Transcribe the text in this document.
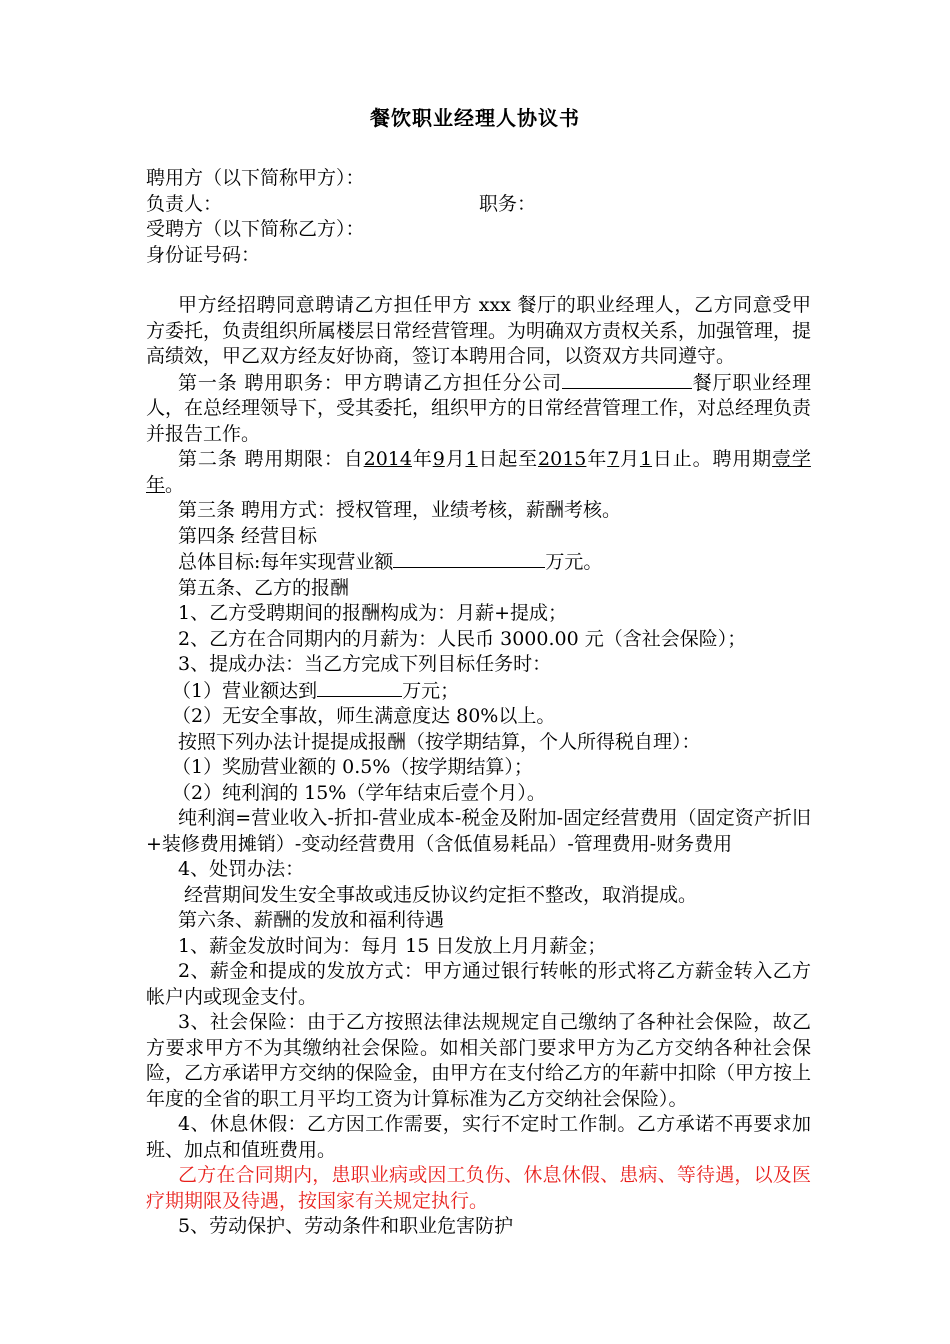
餐饮职业经理人协议书

聘用方（以下简称甲方）：

负责人：	职务：

受聘方（以下简称乙方）：

身份证号码：

甲方经招聘同意聘请乙方担任甲方 xxx 餐厅的职业经理人，乙方同意受甲方委托，负责组织所属楼层日常经营管理。为明确双方责权关系，加强管理，提高绩效，甲乙双方经友好协商，签订本聘用合同，以资双方共同遵守。

第一条 聘用职务：甲方聘请乙方担任分公司	餐厅职业经理人，在总经理领导下，受其委托，组织甲方的日常经营管理工作，对总经理负责并报告工作。

第二条 聘用期限：自2014年9月1日起至2015年7月1日止。聘用期壹学年。

第三条 聘用方式：授权管理，业绩考核，薪酬考核。

第四条 经营目标

总体目标:每年实现营业额	万元。

第五条、乙方的报酬

1、乙方受聘期间的报酬构成为：月薪+提成；

2、乙方在合同期内的月薪为：人民币 3000.00 元（含社会保险）；

3、提成办法：当乙方完成下列目标任务时：

（1）营业额达到	万元；

（2）无安全事故，师生满意度达 80%以上。

按照下列办法计提提成报酬（按学期结算，个人所得税自理）：

（1）奖励营业额的 0.5%（按学期结算）；

（2）纯利润的 15%（学年结束后壹个月）。

纯利润=营业收入-折扣-营业成本-税金及附加-固定经营费用（固定资产折旧+装修费用摊销）-变动经营费用（含低值易耗品）-管理费用-财务费用

4、处罚办法：

经营期间发生安全事故或违反协议约定拒不整改，取消提成。

第六条、薪酬的发放和福利待遇

1、薪金发放时间为：每月 15 日发放上月月薪金；

2、薪金和提成的发放方式：甲方通过银行转帐的形式将乙方薪金转入乙方帐户内或现金支付。

3、社会保险：由于乙方按照法律法规规定自己缴纳了各种社会保险，故乙方要求甲方不为其缴纳社会保险。如相关部门要求甲方为乙方交纳各种社会保险，乙方承诺甲方交纳的保险金，由甲方在支付给乙方的年薪中扣除（甲方按上年度的全省的职工月平均工资为计算标准为乙方交纳社会保险）。

4、休息休假：乙方因工作需要，实行不定时工作制。乙方承诺不再要求加班、加点和值班费用。

乙方在合同期内，患职业病或因工负伤、休息休假、患病、等待遇，以及医疗期期限及待遇，按国家有关规定执行。

5、劳动保护、劳动条件和职业危害防护
